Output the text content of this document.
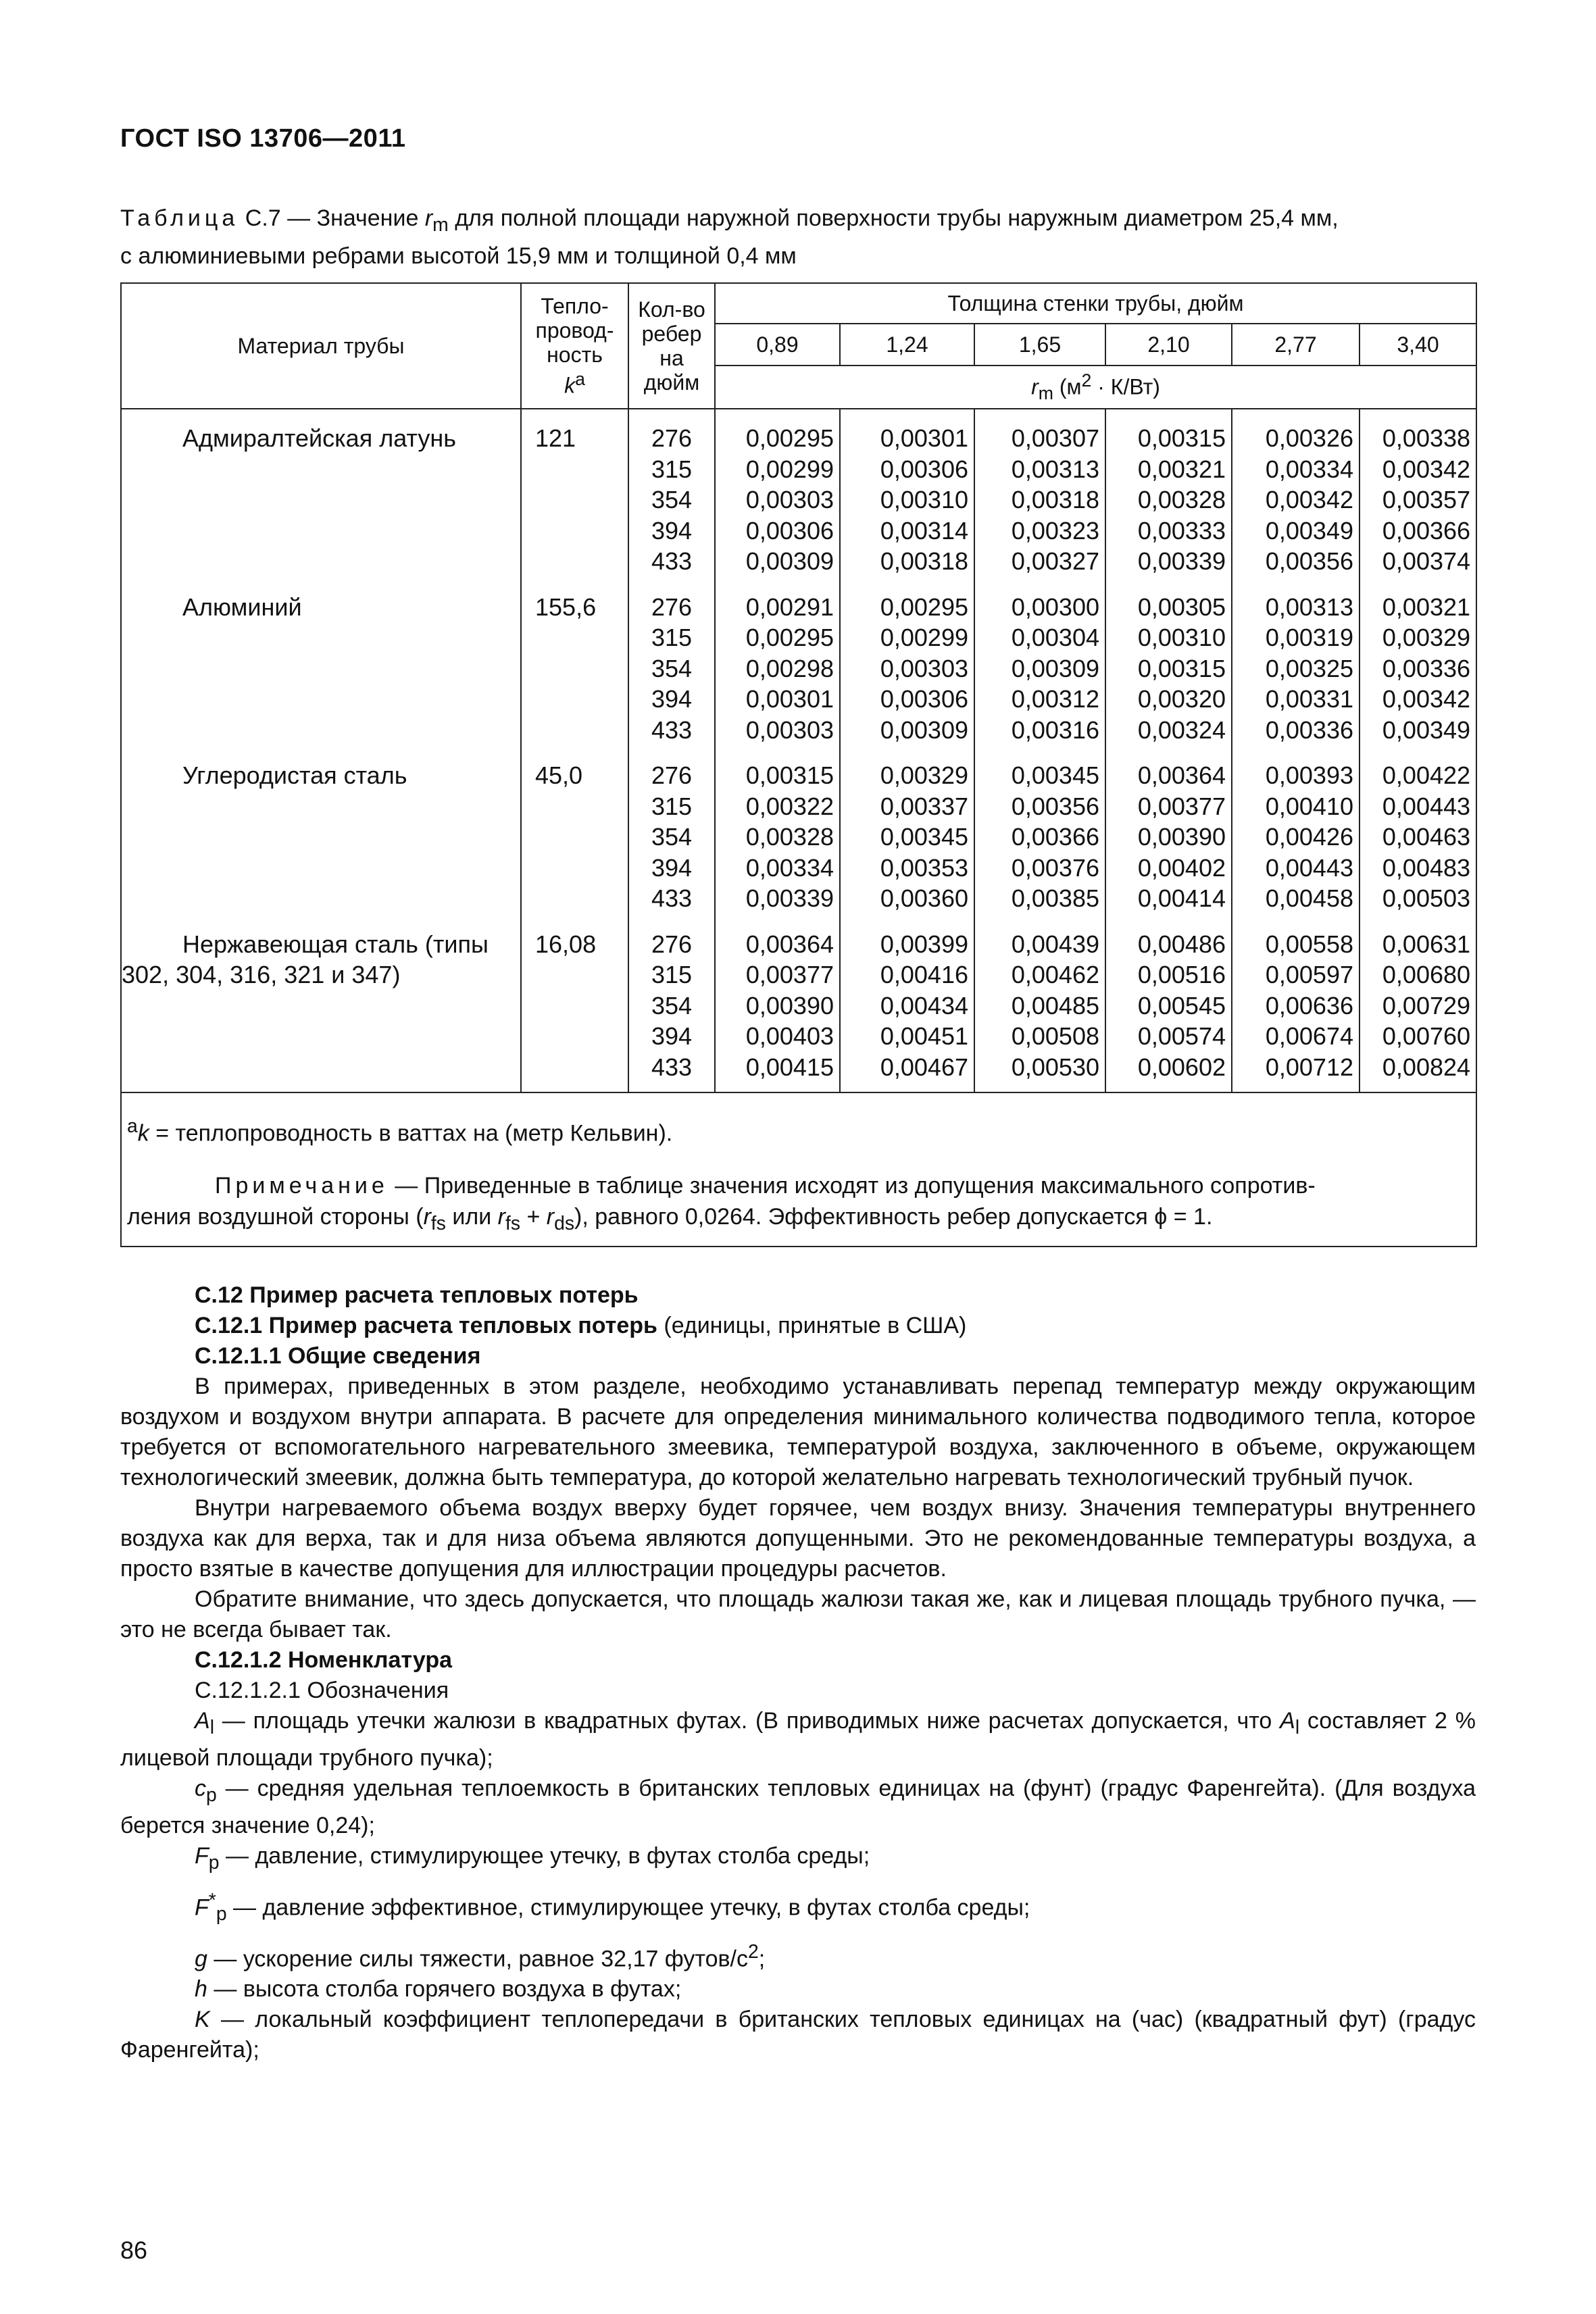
ГОСТ ISO 13706—2011
Таблица С.7 — Значение $r_m$ для полной площади наружной поверхности трубы наружным диаметром 25,4 мм,
с алюминиевыми ребрами высотой 15,9 мм и толщиной 0,4 мм
Материал трубы	Тепло-
провод-
ность
$k^a$	Кол-во
ребер
на
дюйм	Толщина стенки трубы, дюйм					
			0,89	1,24	1,65	2,10	2,77	3,40
			$r_m$ $(м^2 \cdot К/Вт)$					

Адмиралтейская латунь	121	276	0,00295	0,00301	0,00307	0,00315	0,00326	0,00338
		315	0,00299	0,00306	0,00313	0,00321	0,00334	0,00342
		354	0,00303	0,00310	0,00318	0,00328	0,00342	0,00357
		394	0,00306	0,00314	0,00323	0,00333	0,00349	0,00366
		433	0,00309	0,00318	0,00327	0,00339	0,00356	0,00374

Алюминий	155,6	276	0,00291	0,00295	0,00300	0,00305	0,00313	0,00321
		315	0,00295	0,00299	0,00304	0,00310	0,00319	0,00329
		354	0,00298	0,00303	0,00309	0,00315	0,00325	0,00336
		394	0,00301	0,00306	0,00312	0,00320	0,00331	0,00342
		433	0,00303	0,00309	0,00316	0,00324	0,00336	0,00349

Углеродистая сталь	45,0	276	0,00315	0,00329	0,00345	0,00364	0,00393	0,00422
		315	0,00322	0,00337	0,00356	0,00377	0,00410	0,00443
		354	0,00328	0,00345	0,00366	0,00390	0,00426	0,00463
		394	0,00334	0,00353	0,00376	0,00402	0,00443	0,00483
		433	0,00339	0,00360	0,00385	0,00414	0,00458	0,00503

Нержавеющая сталь (типы	16,08	276	0,00364	0,00399	0,00439	0,00486	0,00558	0,00631

302, 304, 316, 321 и 347)		315	0,00377	0,00416	0,00462	0,00516	0,00597	0,00680
		354	0,00390	0,00434	0,00485	0,00545	0,00636	0,00729
		394	0,00403	0,00451	0,00508	0,00574	0,00674	0,00760
		433	0,00415	0,00467	0,00530	0,00602	0,00712	0,00824

$^a$k = теплопроводность в ваттах на (метр Кельвин).
Примечание — Приведенные в таблице значения исходят из допущения максимального сопротив-
ления воздушной стороны ($r_{fs}$ или $r_{fs} + r_{ds}$), равного 0,0264. Эффективность ребер допускается ϕ = 1.								

С.12 Пример расчета тепловых потерь

С.12.1 Пример расчета тепловых потерь (единицы, принятые в США)

С.12.1.1 Общие сведения

В примерах, приведенных в этом разделе, необходимо устанавливать перепад температур между окружающим воздухом и воздухом внутри аппарата. В расчете для определения минимального количества подводимого тепла, которое требуется от вспомогательного нагревательного змеевика, температурой воздуха, заключенного в объеме, окружающем технологический змеевик, должна быть температура, до которой желательно нагревать технологический трубный пучок.

Внутри нагреваемого объема воздух вверху будет горячее, чем воздух внизу. Значения температуры внутреннего воздуха как для верха, так и для низа объема являются допущенными. Это не рекомендованные температуры воздуха, а просто взятые в качестве допущения для иллюстрации процедуры расчетов.

Обратите внимание, что здесь допускается, что площадь жалюзи такая же, как и лицевая площадь трубного пучка, — это не всегда бывает так.

С.12.1.2 Номенклатура

С.12.1.2.1 Обозначения

$A_l$ — площадь утечки жалюзи в квадратных футах. (В приводимых ниже расчетах допускается, что $A_l$ составляет 2 % лицевой площади трубного пучка);

$c_p$ — средняя удельная теплоемкость в британских тепловых единицах на (фунт) (градус Фаренгейта). (Для воздуха берется значение 0,24);

$F_p$ — давление, стимулирующее утечку, в футах столба среды;

$F^*_p$ — давление эффективное, стимулирующее утечку, в футах столба среды;

g — ускорение силы тяжести, равное 32,17 футов/$с^2$;

h — высота столба горячего воздуха в футах;

K — локальный коэффициент теплопередачи в британских тепловых единицах на (час) (квадратный фут) (градус Фаренгейта);

86
